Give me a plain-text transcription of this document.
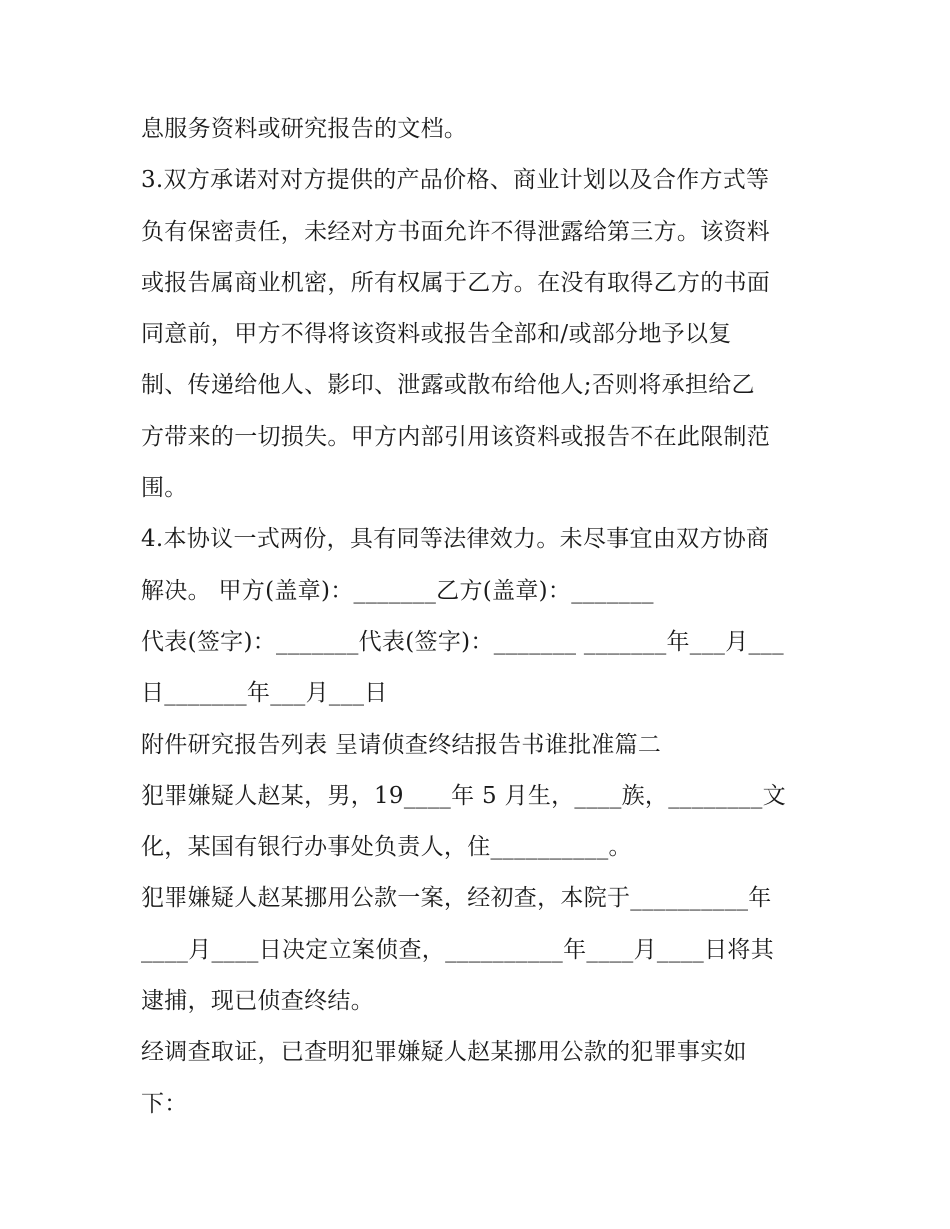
息服务资料或研究报告的文档。
3.双方承诺对对方提供的产品价格、商业计划以及合作方式等
负有保密责任，未经对方书面允许不得泄露给第三方。该资料
或报告属商业机密，所有权属于乙方。在没有取得乙方的书面
同意前，甲方不得将该资料或报告全部和/或部分地予以复
制、传递给他人、影印、泄露或散布给他人;否则将承担给乙
方带来的一切损失。甲方内部引用该资料或报告不在此限制范
围。
4.本协议一式两份，具有同等法律效力。未尽事宜由双方协商
解决。 甲方(盖章)：_______乙方(盖章)：_______
代表(签字)：_______代表(签字)：_______ _______年___月___
日_______年___月___日
附件研究报告列表 呈请侦查终结报告书谁批准篇二
犯罪嫌疑人赵某，男，19____年 5 月生，____族，________文
化，某国有银行办事处负责人，住__________。
犯罪嫌疑人赵某挪用公款一案，经初查，本院于__________年
____月____日决定立案侦查，__________年____月____日将其
逮捕，现已侦查终结。
经调查取证，已查明犯罪嫌疑人赵某挪用公款的犯罪事实如
下：
